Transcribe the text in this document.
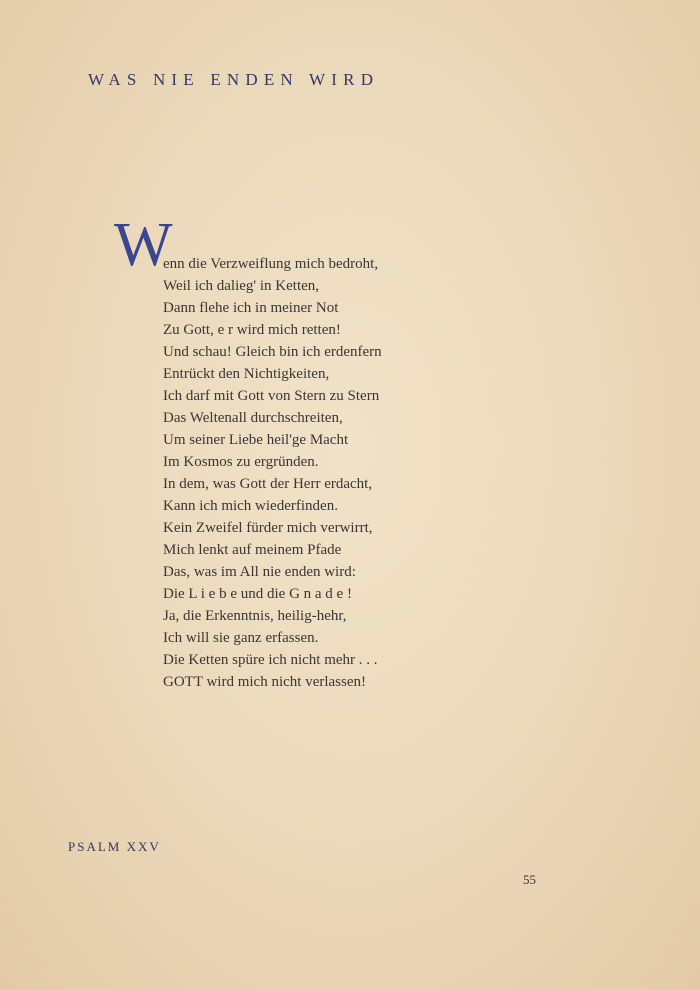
WAS NIE ENDEN WIRD
W
enn die Verzweiflung mich bedroht,
Weil ich dalieg' in Ketten,
Dann flehe ich in meiner Not
Zu Gott, e r wird mich retten!
Und schau! Gleich bin ich erdenfern
Entrückt den Nichtigkeiten,
Ich darf mit Gott von Stern zu Stern
Das Weltenall durchschreiten,
Um seiner Liebe heil'ge Macht
Im Kosmos zu ergründen.
In dem, was Gott der Herr erdacht,
Kann ich mich wiederfinden.
Kein Zweifel fürder mich verwirrt,
Mich lenkt auf meinem Pfade
Das, was im All nie enden wird:
Die L i e b e und die G n a d e !
Ja, die Erkenntnis, heilig-hehr,
Ich will sie ganz erfassen.
Die Ketten spüre ich nicht mehr . . .
GOTT wird mich nicht verlassen!
PSALM XXV
55
